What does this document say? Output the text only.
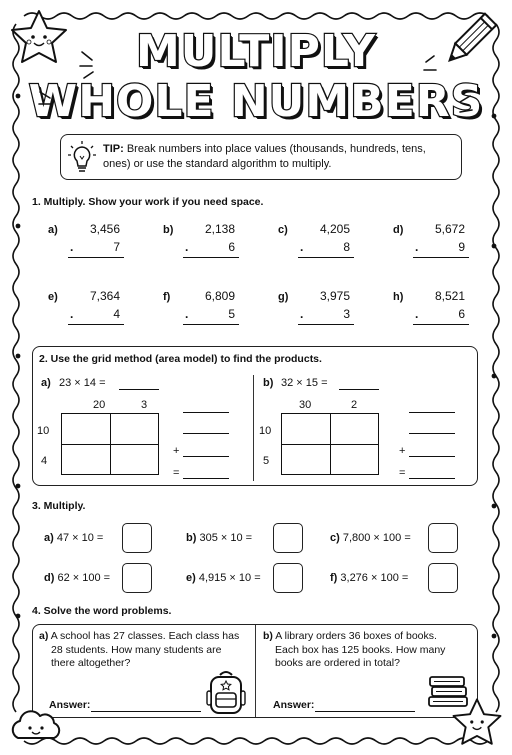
MULTIPLY
WHOLE NUMBERS
TIP: Break numbers into place values (thousands, hundreds, tens, ones) or use the standard algorithm to multiply.
1. Multiply. Show your work if you need space.
a)	3,456
.	7
b)	2,138
.	6
c)	4,205
.	8
d)	5,672
.	9
e)	7,364
.	4
f)	6,809
.	5
g)	3,975
.	3
h)	8,521
.	6
2. Use the grid method (area model) to find the products.
a) 23 × 14 =
20	3
10
4
+
=
b) 32 × 15 =
30	2
10
5
+
=
3. Multiply.
a) 47 × 10 =	b) 305 × 10 =	c) 7,800 × 100 =
d) 62 × 100 =	e) 4,915 × 10 =	f) 3,276 × 100 =
4. Solve the word problems.
a) A school has 27 classes. Each class has
28 students. How many students are
there altogether?
Answer:
b) A library orders 36 boxes of books.
Each box has 125 books. How many
books are ordered in total?
Answer:
